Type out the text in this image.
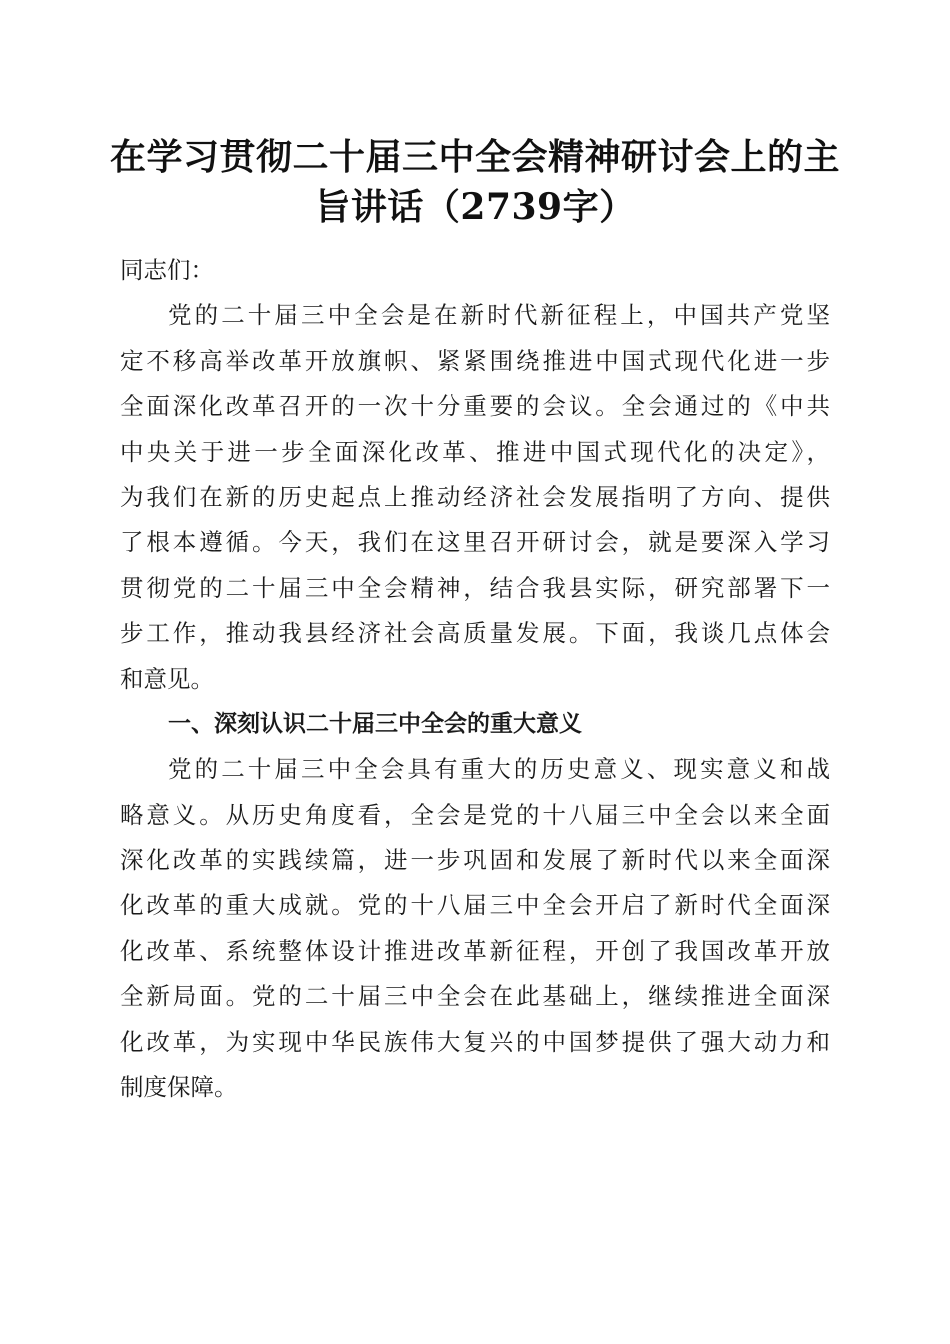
在学习贯彻二十届三中全会精神研讨会上的主
旨讲话（2739字）
同志们：
党的二十届三中全会是在新时代新征程上，中国共产党坚
定不移高举改革开放旗帜、紧紧围绕推进中国式现代化进一步
全面深化改革召开的一次十分重要的会议。全会通过的《中共
中央关于进一步全面深化改革、推进中国式现代化的决定》，
为我们在新的历史起点上推动经济社会发展指明了方向、提供
了根本遵循。今天，我们在这里召开研讨会，就是要深入学习
贯彻党的二十届三中全会精神，结合我县实际，研究部署下一
步工作，推动我县经济社会高质量发展。下面，我谈几点体会
和意见。
一、深刻认识二十届三中全会的重大意义
党的二十届三中全会具有重大的历史意义、现实意义和战
略意义。从历史角度看，全会是党的十八届三中全会以来全面
深化改革的实践续篇，进一步巩固和发展了新时代以来全面深
化改革的重大成就。党的十八届三中全会开启了新时代全面深
化改革、系统整体设计推进改革新征程，开创了我国改革开放
全新局面。党的二十届三中全会在此基础上，继续推进全面深
化改革，为实现中华民族伟大复兴的中国梦提供了强大动力和
制度保障。
